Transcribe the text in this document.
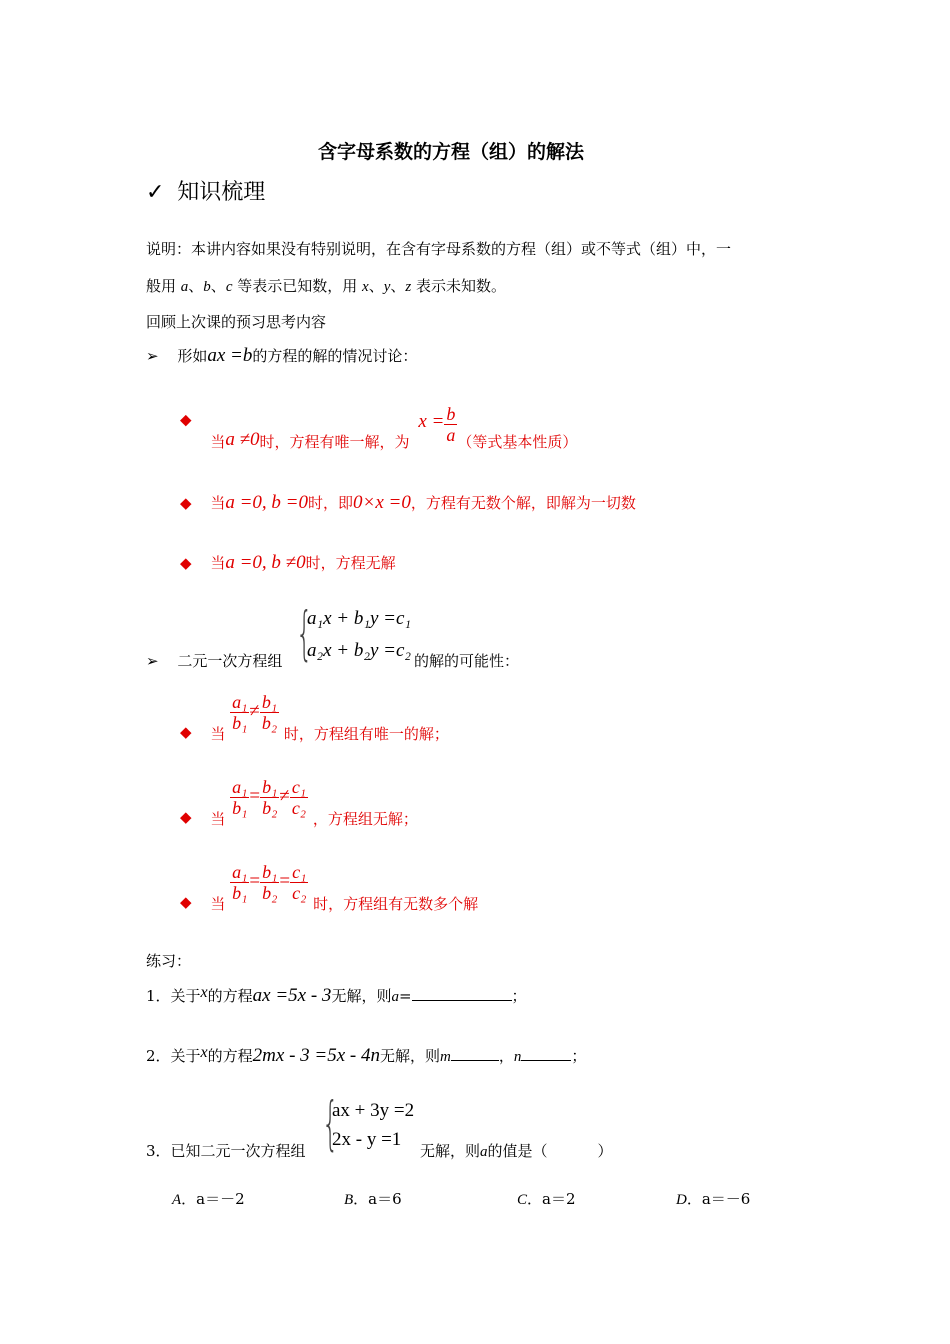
含字母系数的方程（组）的解法
✓ 知识梳理
说明：本讲内容如果没有特别说明，在含有字母系数的方程（组）或不等式（组）中，一
般用 a、b、c 等表示已知数，用 x、y、z 表示未知数。
回顾上次课的预习思考内容
➢ 形如ax =b的方程的解的情况讨论：
◆ 当a ≠0时，方程有唯一解，为 $x = \frac{b}{a}$ （等式基本性质）
◆ 当a =0, b =0时，即0×x =0，方程有无数个解，即解为一切数
◆ 当a =0, b ≠0时，方程无解
➢ 二元一次方程组 {
a₁x + b₁y =c₁
a₂x + b₂y =c₂ 的解的可能性：
◆ 当
$\frac{\text{a₁}}{\text{b₁}} \ne \frac{\text{b₁}}{\text{b₂}}$
时，方程组有唯一的解；
◆ 当
$\frac{\text{a₁}}{\text{b₁}} = \frac{\text{b₁}}{\text{b₂}} \ne \frac{\text{c₁}}{\text{c₂}}$
，方程组无解；
◆ 当
$\frac{\text{a₁}}{\text{b₁}} = \frac{\text{b₁}}{\text{b₂}} = \frac{\text{c₁}}{\text{c₂}}$
时，方程组有无数多个解
练习：
1．关于x的方程ax =5x - 3无解，则a=	；
2．关于x的方程2mx - 3 =5x - 4n无解，则m	，n	；
3．已知二元一次方程组 {
ax + 3y =2
2x - y =1
无解，则a的值是（	）
A．a＝－2	B．a＝6	C．a＝2	D．a＝－6
